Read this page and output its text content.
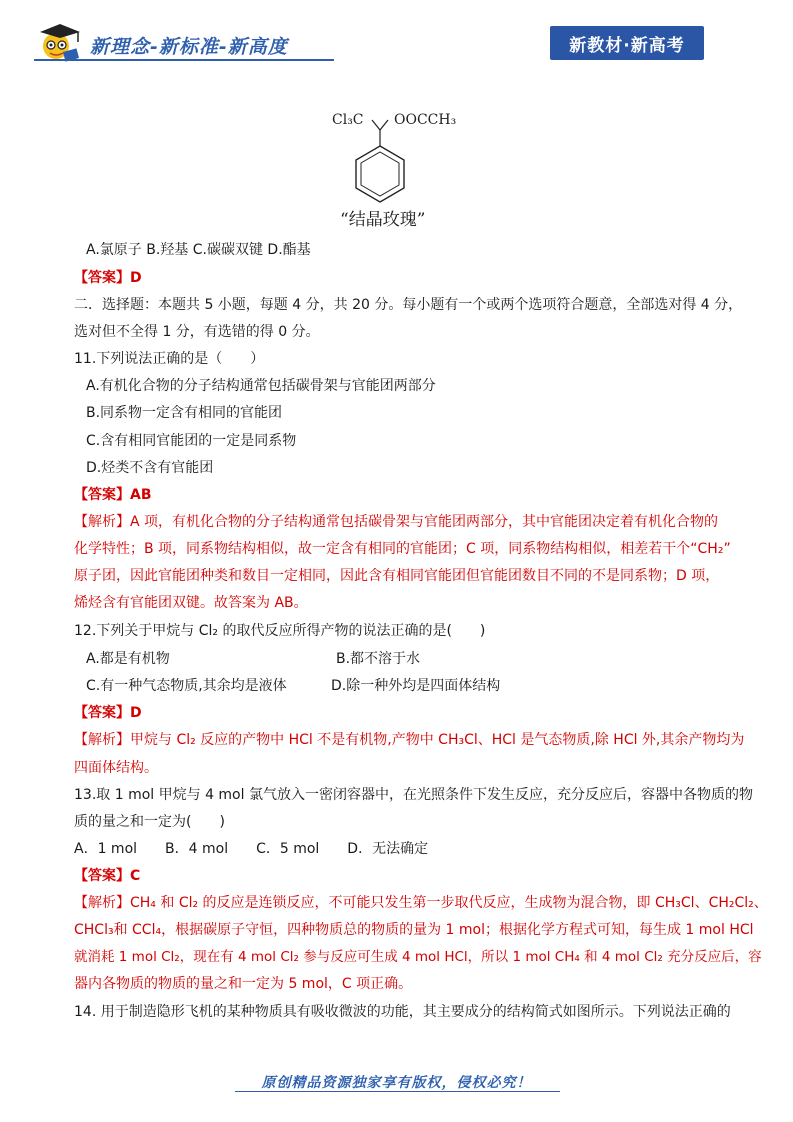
新理念-新标准-新高度	新教材·新高考
Cl₃C OOCCH₃
“结晶玫瑰”
A.氯原子 B.羟基 C.碳碳双键 D.酯基
【答案】D
二．选择题：本题共 5 小题，每题 4 分，共 20 分。每小题有一个或两个选项符合题意，全部选对得 4 分，
选对但不全得 1 分，有选错的得 0 分。
11.下列说法正确的是（　　）
A.有机化合物的分子结构通常包括碳骨架与官能团两部分
B.同系物一定含有相同的官能团
C.含有相同官能团的一定是同系物
D.烃类不含有官能团
【答案】AB
【解析】A 项，有机化合物的分子结构通常包括碳骨架与官能团两部分，其中官能团决定着有机化合物的
化学特性；B 项，同系物结构相似，故一定含有相同的官能团；C 项，同系物结构相似，相差若干个“CH₂”
原子团，因此官能团种类和数目一定相同，因此含有相同官能团但官能团数目不同的不是同系物；D 项，
烯烃含有官能团双键。故答案为 AB。
12.下列关于甲烷与 Cl₂ 的取代反应所得产物的说法正确的是(　　)
A.都是有机物	B.都不溶于水
C.有一种气态物质,其余均是液体	D.除一种外均是四面体结构
【答案】D
【解析】甲烷与 Cl₂ 反应的产物中 HCl 不是有机物,产物中 CH₃Cl、HCl 是气态物质,除 HCl 外,其余产物均为
四面体结构。
13.取 1 mol 甲烷与 4 mol 氯气放入一密闭容器中，在光照条件下发生反应，充分反应后，容器中各物质的物
质的量之和一定为(　　)
A．1 mol　　B．4 mol　　C．5 mol　　D．无法确定
【答案】C
【解析】CH₄ 和 Cl₂ 的反应是连锁反应，不可能只发生第一步取代反应，生成物为混合物，即 CH₃Cl、CH₂Cl₂、
CHCl₃和 CCl₄，根据碳原子守恒，四种物质总的物质的量为 1 mol；根据化学方程式可知，每生成 1 mol HCl
就消耗 1 mol Cl₂，现在有 4 mol Cl₂ 参与反应可生成 4 mol HCl，所以 1 mol CH₄ 和 4 mol Cl₂ 充分反应后，容
器内各物质的物质的量之和一定为 5 mol，C 项正确。
14. 用于制造隐形飞机的某种物质具有吸收微波的功能，其主要成分的结构简式如图所示。下列说法正确的
原创精品资源独家享有版权，侵权必究！
